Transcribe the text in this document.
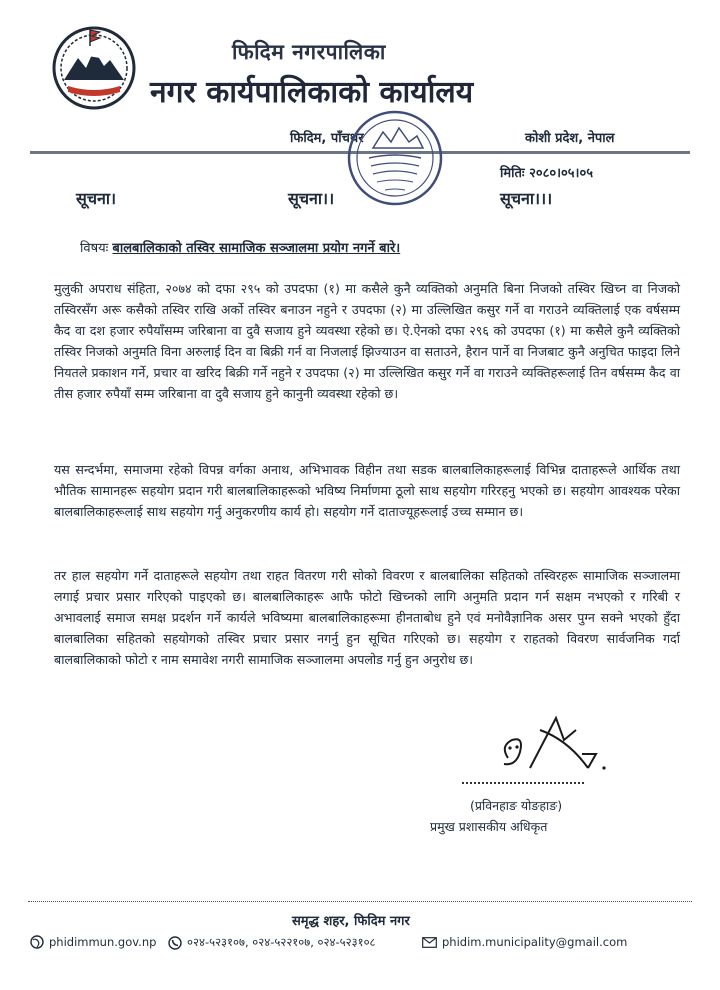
फिदिम नगरपालिका
नगर कार्यपालिकाको कार्यालय
फिदिम, पाँचथर	कोशी प्रदेश, नेपाल
मितिः २०८०।०५।०५
सूचना।	सूचना।।	सूचना।।।
विषयः बालबालिकाको तस्विर सामाजिक सञ्जालमा प्रयोग नगर्ने बारे।
मुलुकी अपराध संहिता, २०७४ को दफा २९५ को उपदफा (१) मा कसैले कुनै व्यक्तिको अनुमति बिना निजको तस्विर खिच्न वा निजको तस्विरसँग अरू कसैको तस्विर राखि अर्को तस्विर बनाउन नहुने र उपदफा (२) मा उल्लिखित कसुर गर्ने वा गराउने व्यक्तिलाई एक वर्षसम्म कैद वा दश हजार रुपैयाँसम्म जरिबाना वा दुवै सजाय हुने व्यवस्था रहेको छ। ऐ.ऐनको दफा २९६ को उपदफा (१) मा कसैले कुनै व्यक्तिको तस्विर निजको अनुमति विना अरुलाई दिन वा बिक्री गर्न वा निजलाई झिज्याउन वा सताउने, हैरान पार्ने वा निजबाट कुनै अनुचित फाइदा लिने नियतले प्रकाशन गर्ने, प्रचार वा खरिद बिक्री गर्ने नहुने र उपदफा (२) मा उल्लिखित कसुर गर्ने वा गराउने व्यक्तिहरूलाई तिन वर्षसम्म कैद वा तीस हजार रुपैयाँ सम्म जरिबाना वा दुवै सजाय हुने कानुनी व्यवस्था रहेको छ।
यस सन्दर्भमा, समाजमा रहेको विपन्न वर्गका अनाथ, अभिभावक विहीन तथा सडक बालबालिकाहरूलाई विभिन्न दाताहरूले आर्थिक तथा भौतिक सामानहरू सहयोग प्रदान गरी बालबालिकाहरूको भविष्य निर्माणमा ठूलो साथ सहयोग गरिरहनु भएको छ। सहयोग आवश्यक परेका बालबालिकाहरूलाई साथ सहयोग गर्नु अनुकरणीय कार्य हो। सहयोग गर्ने दाताज्यूहरूलाई उच्च सम्मान छ।
तर हाल सहयोग गर्ने दाताहरूले सहयोग तथा राहत वितरण गरी सोको विवरण र बालबालिका सहितको तस्विरहरू सामाजिक सञ्जालमा लगाई प्रचार प्रसार गरिएको पाइएको छ। बालबालिकाहरू आफै फोटो खिच्नको लागि अनुमति प्रदान गर्न सक्षम नभएको र गरिबी र अभावलाई समाज समक्ष प्रदर्शन गर्ने कार्यले भविष्यमा बालबालिकाहरूमा हीनताबोध हुने एवं मनोवैज्ञानिक असर पुग्न सक्ने भएको हुँदा बालबालिका सहितको सहयोगको तस्विर प्रचार प्रसार नगर्नु हुन सूचित गरिएको छ। सहयोग र राहतको विवरण सार्वजनिक गर्दा बालबालिकाको फोटो र नाम समावेश नगरी सामाजिक सञ्जालमा अपलोड गर्नु हुन अनुरोध छ।
(प्रविनहाङ योङहाङ)
प्रमुख प्रशासकीय अधिकृत
समृद्ध शहर, फिदिम नगर
phidimmun.gov.np	०२४-५२३१०७, ०२४-५२२१०७, ०२४-५२३१०८	phidim.municipality@gmail.com
